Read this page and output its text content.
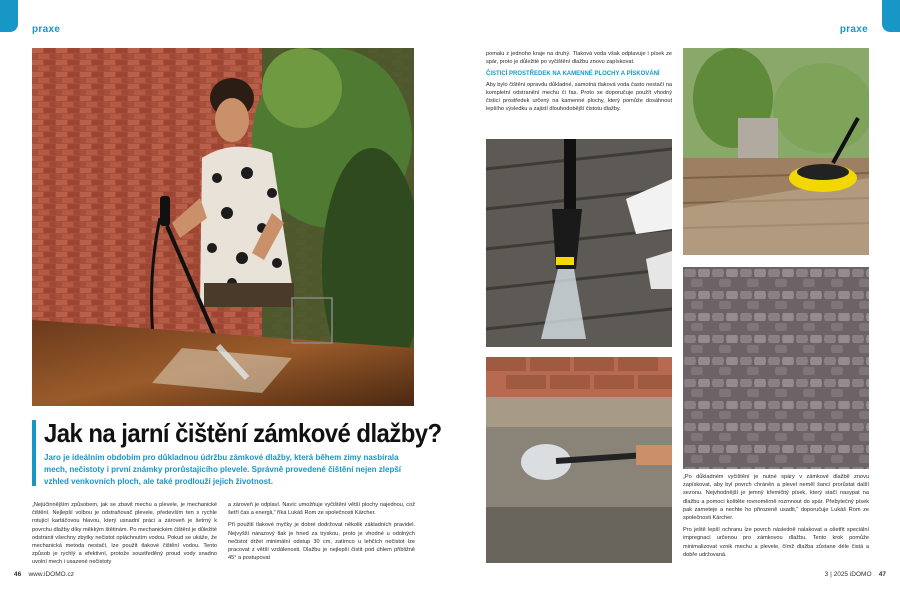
praxe	praxe
Jak na jarní čištění zámkové dlažby?
Jaro je ideálním obdobím pro důkladnou údržbu zámkové dlažby, která během zimy nasbírala mech, nečistoty i první známky prorůstajícího plevele. Správně provedené čištění nejen zlepší vzhled venkovních ploch, ale také prodlouží jejich životnost.

„Nejúčinnějším způsobem, jak se zbavit mechu a plevele, je mechanické čištění. Nejlepší volbou je odstraňovač plevele, především ten s rychle rotující kartáčovou hlavou, který usnadní práci a zároveň je šetrný k povrchu dlažby díky měkkým štětinám. Po mechanickém čištění je důležité odstranit všechny zbytky nečistot opláchnutím vodou. Pokud se ukáže, že mechanická metoda nestačí, lze použít tlakové čištění vodou. Tento způsob je rychlý a efektivní, protože soustředěný proud vody snadno uvolní mech i usazené nečistoty

a zároveň je odplaví. Navíc umožňuje vyčištění větší plochy najednou, což šetří čas a energii,“ říká Lukáš Rom ze společnosti Kärcher.

Při použití tlakové myčky je dobré dodržovat několik základních pravidel. Nejvyšší nárazový tlak je hned za tryskou, proto je vhodné u odolných nečistot držet minimální odstup 30 cm, zatímco u lehčích nečistot lze pracovat z větší vzdálenosti. Dlažbu je nejlepší čistit pod úhlem přibližně 45° a postupovat

pomalu z jednoho kraje na druhý. Tlaková voda však odplavuje i písek ze spár, proto je důležité po vyčištění dlažbu znovu zapískovat.

ČISTICÍ PROSTŘEDEK NA KAMENNÉ PLOCHY A PÍSKOVÁNÍ

Aby bylo čištění opravdu důkladné, samotná tlaková voda často nestačí na kompletní odstranění mechu či řas. Proto se doporučuje použít vhodný čisticí prostředek určený na kamenné plochy, který pomůže dosáhnout lepšího výsledku a zajistí dlouhodobější čistotu dlažby.

„Po důkladném vyčištění je nutné spáry v zámkové dlažbě znovu zapískovat, aby byl povrch chráněn a plevel neměl šanci prorůstat další sezonu. Nejvhodnější je jemný křemičitý písek, který stačí nasypat na dlažbu a pomocí koštěte rovnoměrně rozmnout do spár. Přebytečný písek pak zameteje a nechte ho přirozeně usadit,“ doporučuje Lukáš Rom ze společnosti Kärcher.

Pro ještě lepší ochranu lze povrch následně nalakovat a ošetřit speciální impregnací určenou pro zámkovou dlažbu. Tento krok pomůže minimalizovat vznik mechu a plevele, čímž dlažba zůstane déle čistá a dobře udržovaná.

46 www.iDOMO.cz	3 | 2025 iDOMO 47
